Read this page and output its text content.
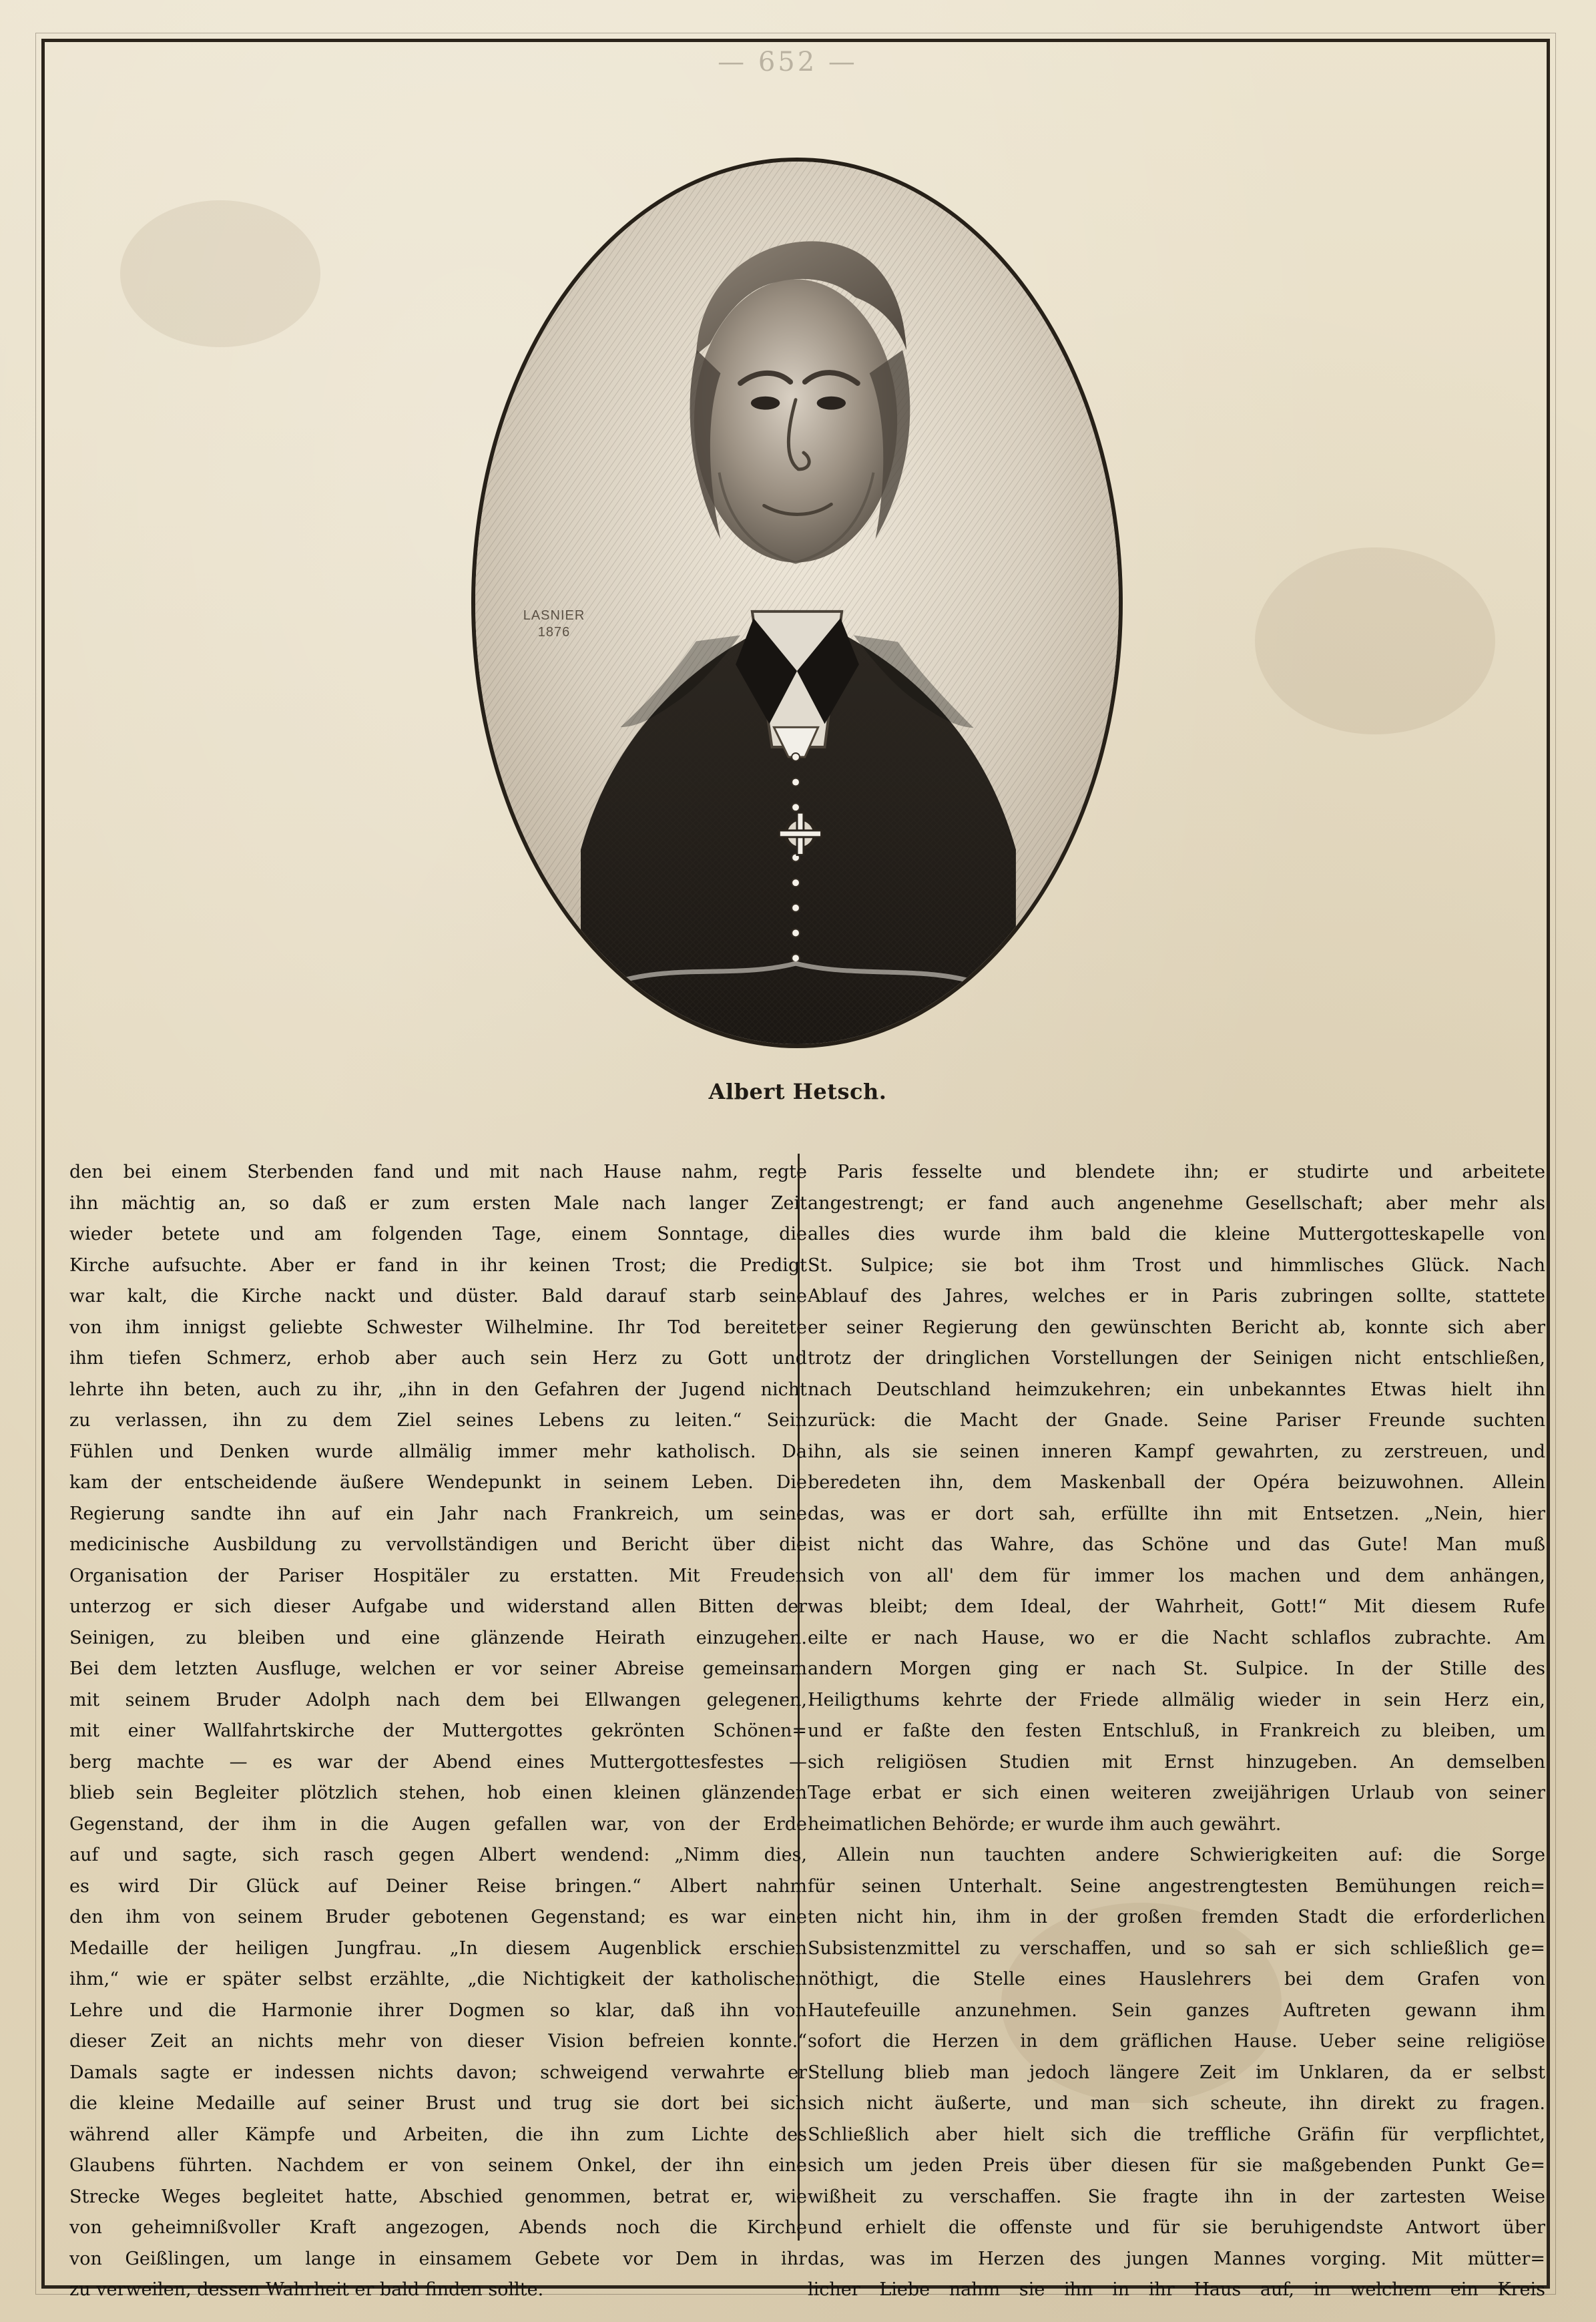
— 652 —
LASNIER
1876
Albert Hetsch.

den bei einem Sterbenden fand und mit nach Hause nahm, regte
ihn mächtig an, so daß er zum ersten Male nach langer Zeit
wieder betete und am folgenden Tage, einem Sonntage, die
Kirche aufsuchte. Aber er fand in ihr keinen Trost; die Predigt
war kalt, die Kirche nackt und düster. Bald darauf starb seine
von ihm innigst geliebte Schwester Wilhelmine. Ihr Tod bereitete
ihm tiefen Schmerz, erhob aber auch sein Herz zu Gott und
lehrte ihn beten, auch zu ihr, „ihn in den Gefahren der Jugend nicht
zu verlassen, ihn zu dem Ziel seines Lebens zu leiten.“ Sein
Fühlen und Denken wurde allmälig immer mehr katholisch. Da
kam der entscheidende äußere Wendepunkt in seinem Leben. Die
Regierung sandte ihn auf ein Jahr nach Frankreich, um seine
medicinische Ausbildung zu vervollständigen und Bericht über die
Organisation der Pariser Hospitäler zu erstatten. Mit Freuden
unterzog er sich dieser Aufgabe und widerstand allen Bitten der
Seinigen, zu bleiben und eine glänzende Heirath einzugehen.
Bei dem letzten Ausfluge, welchen er vor seiner Abreise gemeinsam
mit seinem Bruder Adolph nach dem bei Ellwangen gelegenen,
mit einer Wallfahrtskirche der Muttergottes gekrönten Schönen=
berg machte — es war der Abend eines Muttergottesfestes —
blieb sein Begleiter plötzlich stehen, hob einen kleinen glänzenden
Gegenstand, der ihm in die Augen gefallen war, von der Erde
auf und sagte, sich rasch gegen Albert wendend: „Nimm dies,
es wird Dir Glück auf Deiner Reise bringen.“ Albert nahm
den ihm von seinem Bruder gebotenen Gegenstand; es war eine
Medaille der heiligen Jungfrau. „In diesem Augenblick erschien
ihm,“ wie er später selbst erzählte, „die Nichtigkeit der katholischen
Lehre und die Harmonie ihrer Dogmen so klar, daß ihn von
dieser Zeit an nichts mehr von dieser Vision befreien konnte.“
Damals sagte er indessen nichts davon; schweigend verwahrte er
die kleine Medaille auf seiner Brust und trug sie dort bei sich
während aller Kämpfe und Arbeiten, die ihn zum Lichte des
Glaubens führten. Nachdem er von seinem Onkel, der ihn eine
Strecke Weges begleitet hatte, Abschied genommen, betrat er, wie
von geheimnißvoller Kraft angezogen, Abends noch die Kirche
von Geißlingen, um lange in einsamem Gebete vor Dem in ihr
zu verweilen, dessen Wahrheit er bald finden sollte.

Paris fesselte und blendete ihn; er studirte und arbeitete
angestrengt; er fand auch angenehme Gesellschaft; aber mehr als
alles dies wurde ihm bald die kleine Muttergotteskapelle von
St. Sulpice; sie bot ihm Trost und himmlisches Glück. Nach
Ablauf des Jahres, welches er in Paris zubringen sollte, stattete
er seiner Regierung den gewünschten Bericht ab, konnte sich aber
trotz der dringlichen Vorstellungen der Seinigen nicht entschließen,
nach Deutschland heimzukehren; ein unbekanntes Etwas hielt ihn
zurück: die Macht der Gnade. Seine Pariser Freunde suchten
ihn, als sie seinen inneren Kampf gewahrten, zu zerstreuen, und
beredeten ihn, dem Maskenball der Opéra beizuwohnen. Allein
das, was er dort sah, erfüllte ihn mit Entsetzen. „Nein, hier
ist nicht das Wahre, das Schöne und das Gute! Man muß
sich von all' dem für immer los machen und dem anhängen,
was bleibt; dem Ideal, der Wahrheit, Gott!“ Mit diesem Rufe
eilte er nach Hause, wo er die Nacht schlaflos zubrachte. Am
andern Morgen ging er nach St. Sulpice. In der Stille des
Heiligthums kehrte der Friede allmälig wieder in sein Herz ein,
und er faßte den festen Entschluß, in Frankreich zu bleiben, um
sich religiösen Studien mit Ernst hinzugeben. An demselben
Tage erbat er sich einen weiteren zweijährigen Urlaub von seiner
heimatlichen Behörde; er wurde ihm auch gewährt.

Allein nun tauchten andere Schwierigkeiten auf: die Sorge
für seinen Unterhalt. Seine angestrengtesten Bemühungen reich=
ten nicht hin, ihm in der großen fremden Stadt die erforderlichen
Subsistenzmittel zu verschaffen, und so sah er sich schließlich ge=
nöthigt, die Stelle eines Hauslehrers bei dem Grafen von
Hautefeuille anzunehmen. Sein ganzes Auftreten gewann ihm
sofort die Herzen in dem gräflichen Hause. Ueber seine religiöse
Stellung blieb man jedoch längere Zeit im Unklaren, da er selbst
sich nicht äußerte, und man sich scheute, ihn direkt zu fragen.
Schließlich aber hielt sich die treffliche Gräfin für verpflichtet,
sich um jeden Preis über diesen für sie maßgebenden Punkt Ge=
wißheit zu verschaffen. Sie fragte ihn in der zartesten Weise
und erhielt die offenste und für sie beruhigendste Antwort über
das, was im Herzen des jungen Mannes vorging. Mit mütter=
licher Liebe nahm sie ihn in ihr Haus auf, in welchem ein Kreis
